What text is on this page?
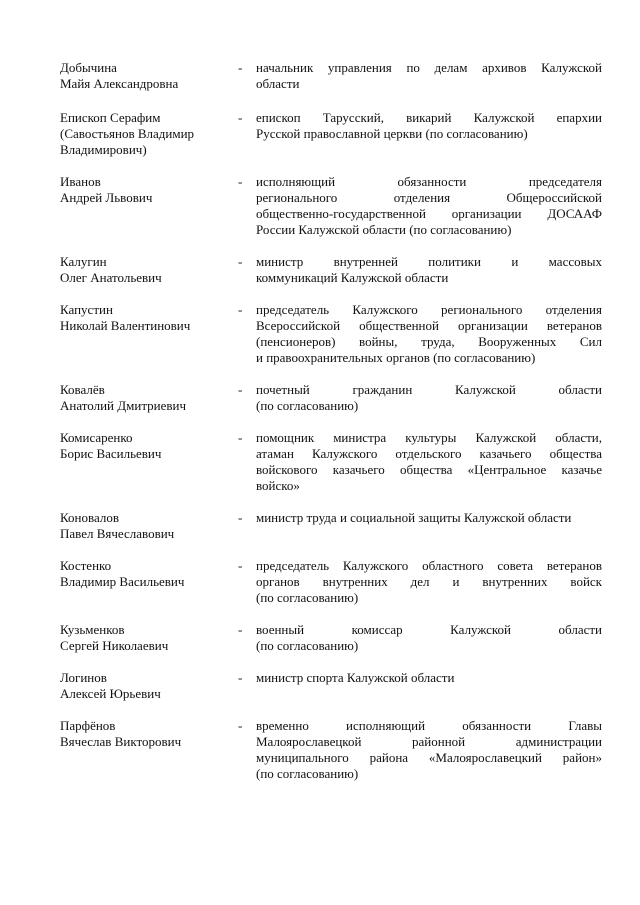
Добычина
Майя Александровна
-	начальник управления по делам архивов Калужской
области
Епископ Серафим
(Савостьянов Владимир
Владимирович)
-	епископ Тарусский, викарий Калужской епархии
Русской православной церкви (по согласованию)
Иванов
Андрей Львович
-	исполняющий обязанности председателя
регионального отделения Общероссийской
общественно-государственной организации ДОСААФ
России Калужской области (по согласованию)
Калугин
Олег Анатольевич
-	министр внутренней политики и массовых
коммуникаций Калужской области
Капустин
Николай Валентинович
-	председатель Калужского регионального отделения
Всероссийской общественной организации ветеранов
(пенсионеров) войны, труда, Вооруженных Сил
и правоохранительных органов (по согласованию)
Ковалёв
Анатолий Дмитриевич
-	почетный гражданин Калужской области
(по согласованию)
Комисаренко
Борис Васильевич
-	помощник министра культуры Калужской области,
атаман Калужского отдельского казачьего общества
войскового казачьего общества «Центральное казачье
войско»
Коновалов
Павел Вячеславович
-	министр труда и социальной защиты Калужской области
Костенко
Владимир Васильевич
-	председатель Калужского областного совета ветеранов
органов внутренних дел и внутренних войск
(по согласованию)
Кузьменков
Сергей Николаевич
-	военный комиссар Калужской области
(по согласованию)
Логинов
Алексей Юрьевич
-	министр спорта Калужской области
Парфёнов
Вячеслав Викторович
-	временно исполняющий обязанности Главы
Малоярославецкой районной администрации
муниципального района «Малоярославецкий район»
(по согласованию)
